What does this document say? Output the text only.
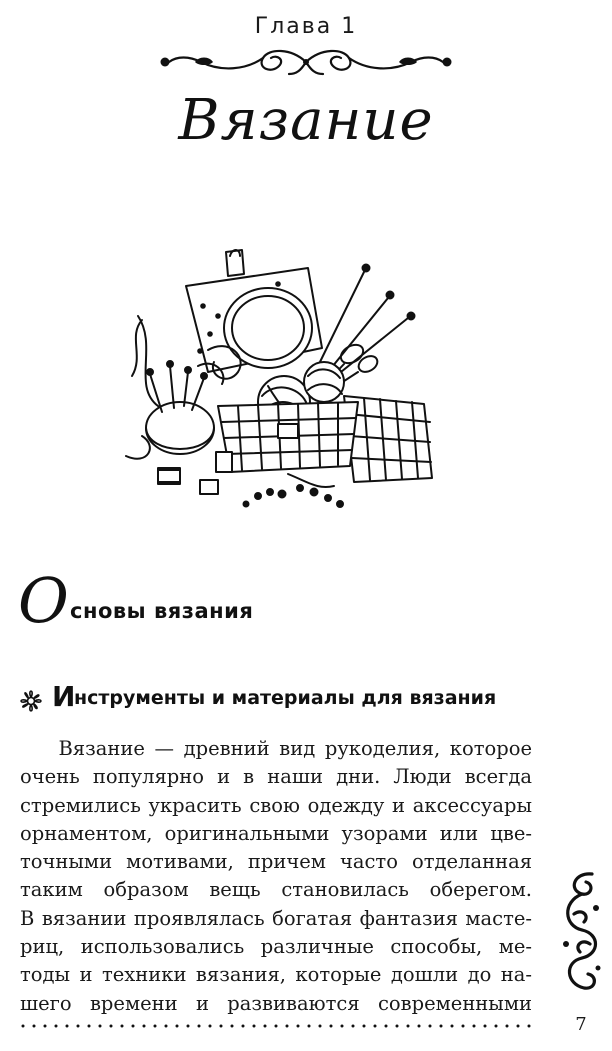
Глава 1
Вязание
О сновы вязания
И
нструменты и материалы для вязания
Вязание — древний вид рукоделия, которое
очень популярно и в наши дни. Люди всегда
стремились украсить свою одежду и аксессуары
орнаментом, оригинальными узорами или цве-
точными мотивами, причем часто отделанная
таким образом вещь становилась оберегом.
В вязании проявлялась богатая фантазия масте-
риц, использовались различные способы, ме-
тоды и техники вязания, которые дошли до на-
шего времени и развиваются современными
7
